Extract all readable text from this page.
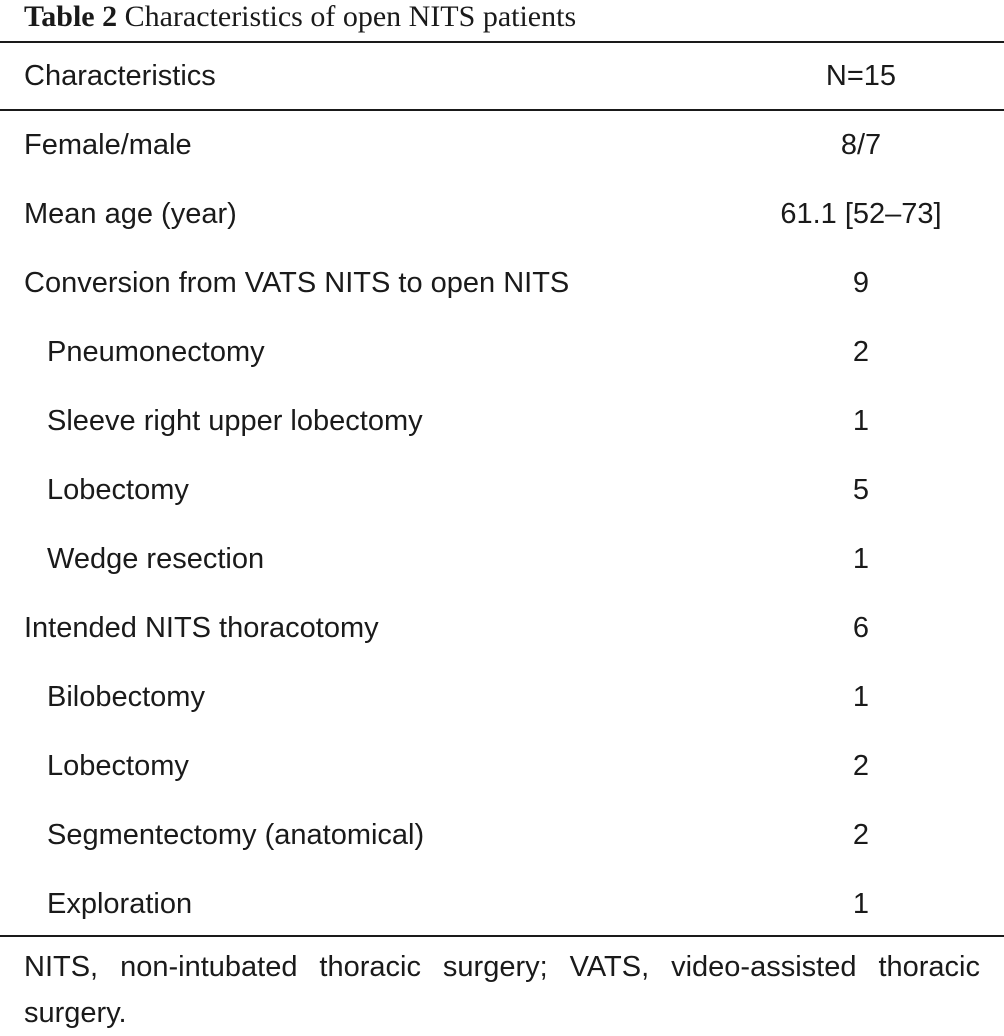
Table 2 Characteristics of open NITS patients
Characteristics	N=15
Female/male	8/7
Mean age (year)	61.1 [52–73]
Conversion from VATS NITS to open NITS	9
Pneumonectomy	2
Sleeve right upper lobectomy	1
Lobectomy	5
Wedge resection	1
Intended NITS thoracotomy	6
Bilobectomy	1
Lobectomy	2
Segmentectomy (anatomical)	2
Exploration	1
NITS, non-intubated thoracic surgery; VATS, video-assisted thoracic surgery.
